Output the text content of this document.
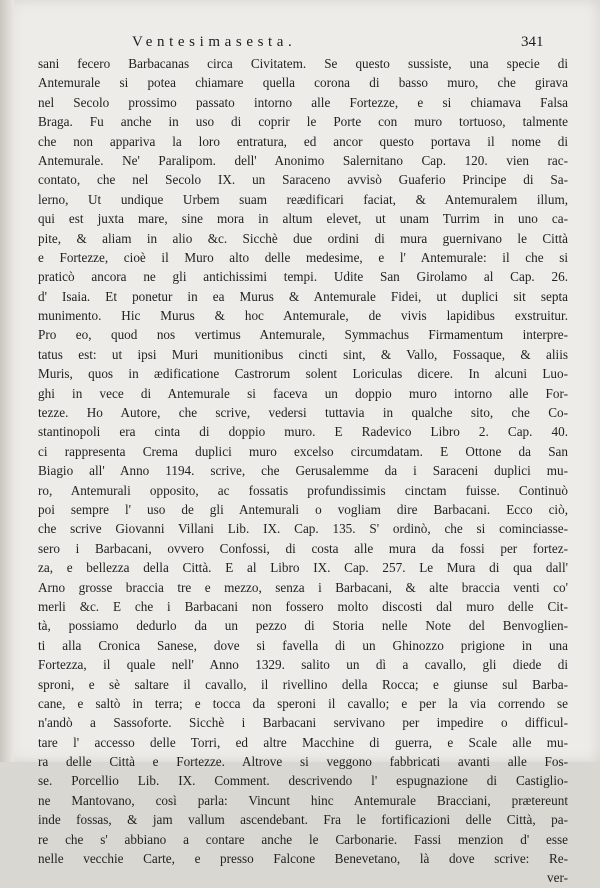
Ventesimasesta.	341
sani fecero Barbacanas circa Civitatem. Se questo sussiste, una specie di
Antemurale si potea chiamare quella corona di basso muro, che girava
nel Secolo prossimo passato intorno alle Fortezze, e si chiamava Falsa
Braga. Fu anche in uso di coprir le Porte con muro tortuoso, talmente
che non appariva la loro entratura, ed ancor questo portava il nome di
Antemurale. Ne' Paralipom. dell' Anonimo Salernitano Cap. 120. vien rac-
contato, che nel Secolo IX. un Saraceno avvisò Guaferio Principe di Sa-
lerno, Ut undique Urbem suam reædificari faciat, & Antemuralem illum,
qui est juxta mare, sine mora in altum elevet, ut unam Turrim in uno ca-
pite, & aliam in alio &c. Sicchè due ordini di mura guernivano le Città
e Fortezze, cioè il Muro alto delle medesime, e l' Antemurale: il che si
praticò ancora ne gli antichissimi tempi. Udite San Girolamo al Cap. 26.
d' Isaia. Et ponetur in ea Murus & Antemurale Fidei, ut duplici sit septa
munimento. Hic Murus & hoc Antemurale, de vivis lapidibus exstruitur.
Pro eo, quod nos vertimus Antemurale, Symmachus Firmamentum interpre-
tatus est: ut ipsi Muri munitionibus cincti sint, & Vallo, Fossaque, & aliis
Muris, quos in ædificatione Castrorum solent Loriculas dicere. In alcuni Luo-
ghi in vece di Antemurale si faceva un doppio muro intorno alle For-
tezze. Ho Autore, che scrive, vedersi tuttavia in qualche sito, che Co-
stantinopoli era cinta di doppio muro. E Radevico Libro 2. Cap. 40.
ci rappresenta Crema duplici muro excelso circumdatam. E Ottone da San
Biagio all' Anno 1194. scrive, che Gerusalemme da i Saraceni duplici mu-
ro, Antemurali opposito, ac fossatis profundissimis cinctam fuisse. Continuò
poi sempre l' uso de gli Antemurali o vogliam dire Barbacani. Ecco ciò,
che scrive Giovanni Villani Lib. IX. Cap. 135. S' ordinò, che si cominciasse-
sero i Barbacani, ovvero Confossi, di costa alle mura da fossi per fortez-
za, e bellezza della Città. E al Libro IX. Cap. 257. Le Mura di qua dall'
Arno grosse braccia tre e mezzo, senza i Barbacani, & alte braccia venti co'
merli &c. E che i Barbacani non fossero molto discosti dal muro delle Cit-
tà, possiamo dedurlo da un pezzo di Storia nelle Note del Benvoglien-
ti alla Cronica Sanese, dove si favella di un Ghinozzo prigione in una
Fortezza, il quale nell' Anno 1329. salito un dì a cavallo, gli diede di
sproni, e sè saltare il cavallo, il rivellino della Rocca; e giunse sul Barba-
cane, e saltò in terra; e tocca da speroni il cavallo; e per la via correndo se
n'andò a Sassoforte. Sicchè i Barbacani servivano per impedire o difficul-
tare l' accesso delle Torri, ed altre Macchine di guerra, e Scale alle mu-
ra delle Città e Fortezze. Altrove si veggono fabbricati avanti alle Fos-
se. Porcellio Lib. IX. Comment. descrivendo l' espugnazione di Castiglio-
ne Mantovano, così parla: Vincunt hinc Antemurale Bracciani, prætereunt
inde fossas, & jam vallum ascendebant. Fra le fortificazioni delle Città, pa-
re che s' abbiano a contare anche le Carbonarie. Fassi menzion d' esse
nelle vecchie Carte, e presso Falcone Benevetano, là dove scrive: Re-
ver-
